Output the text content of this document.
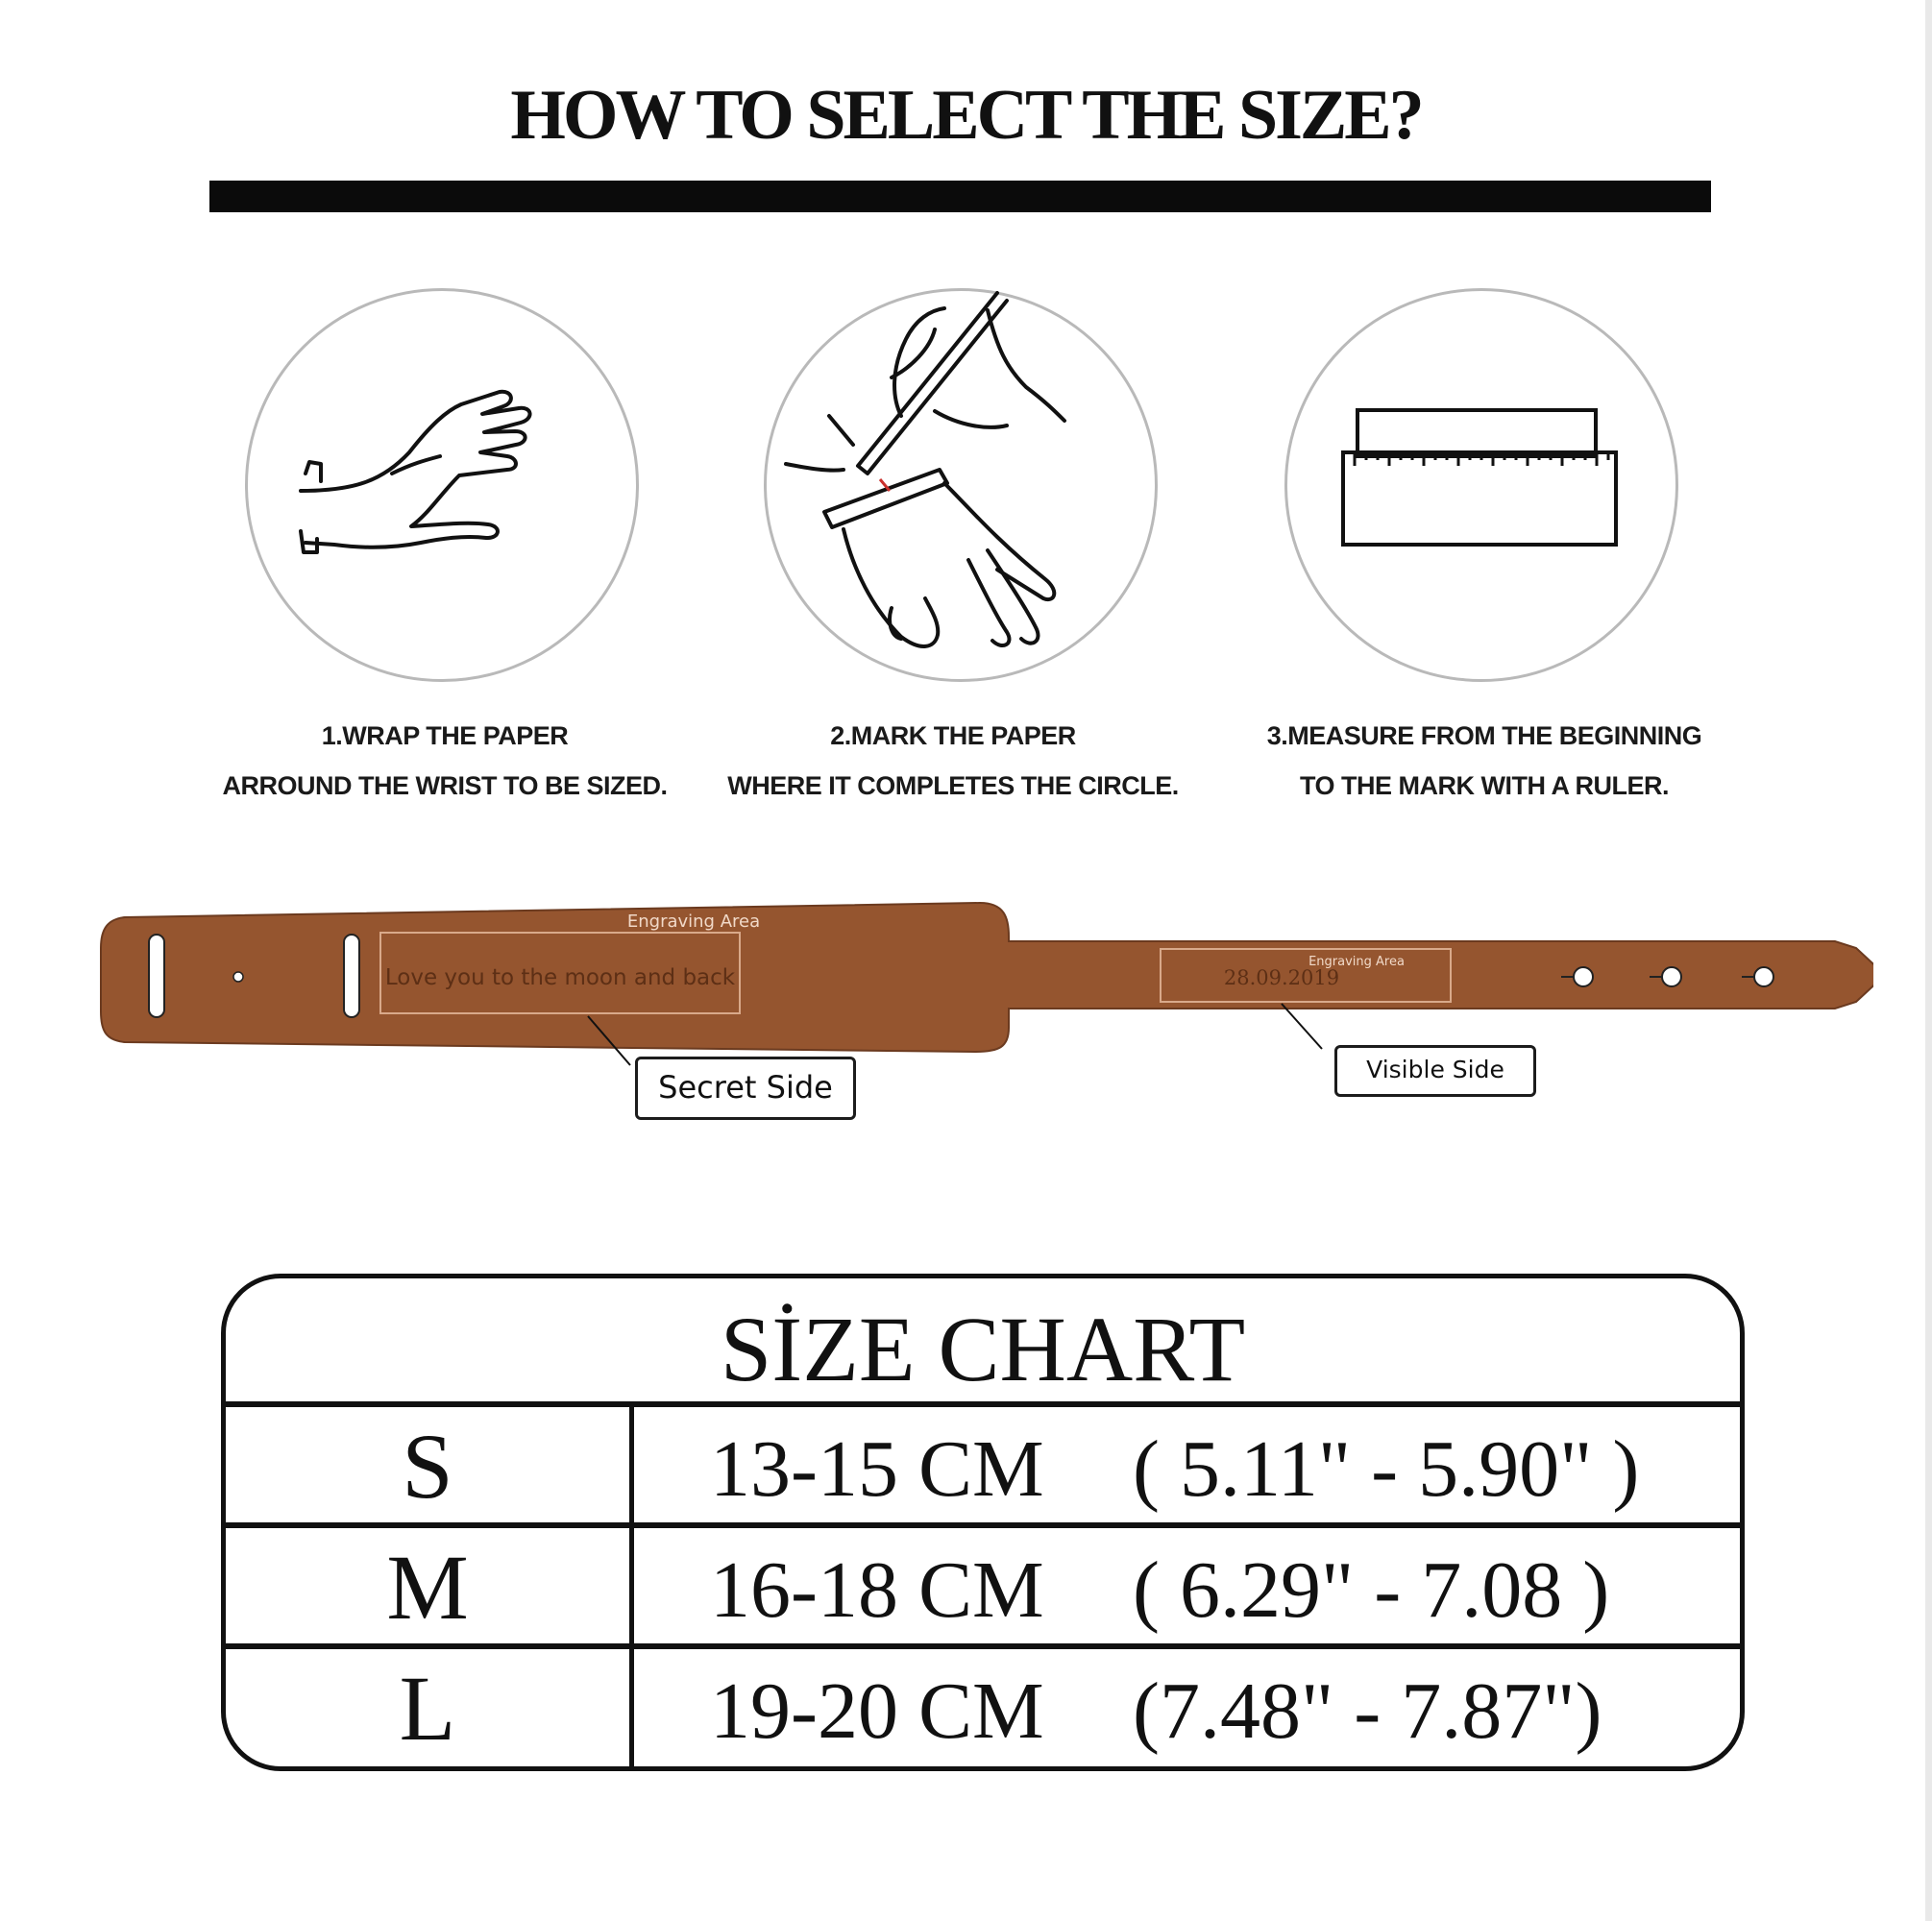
HOW TO SELECT THE SIZE?
1.WRAP THE PAPER
ARROUND THE WRIST TO BE SIZED.
2.MARK THE PAPER
WHERE IT COMPLETES THE CIRCLE.
3.MEASURE FROM THE BEGINNING
TO THE MARK WITH A RULER.
Engraving Area
Love you to the moon and back	28.09.2019
Engraving Area
Secret Side	Visible Side
SİZE CHART
S	13-15 CM ( 5.11" - 5.90" )
M	16-18 CM ( 6.29" - 7.08 )
L	19-20 CM (7.48" - 7.87")
